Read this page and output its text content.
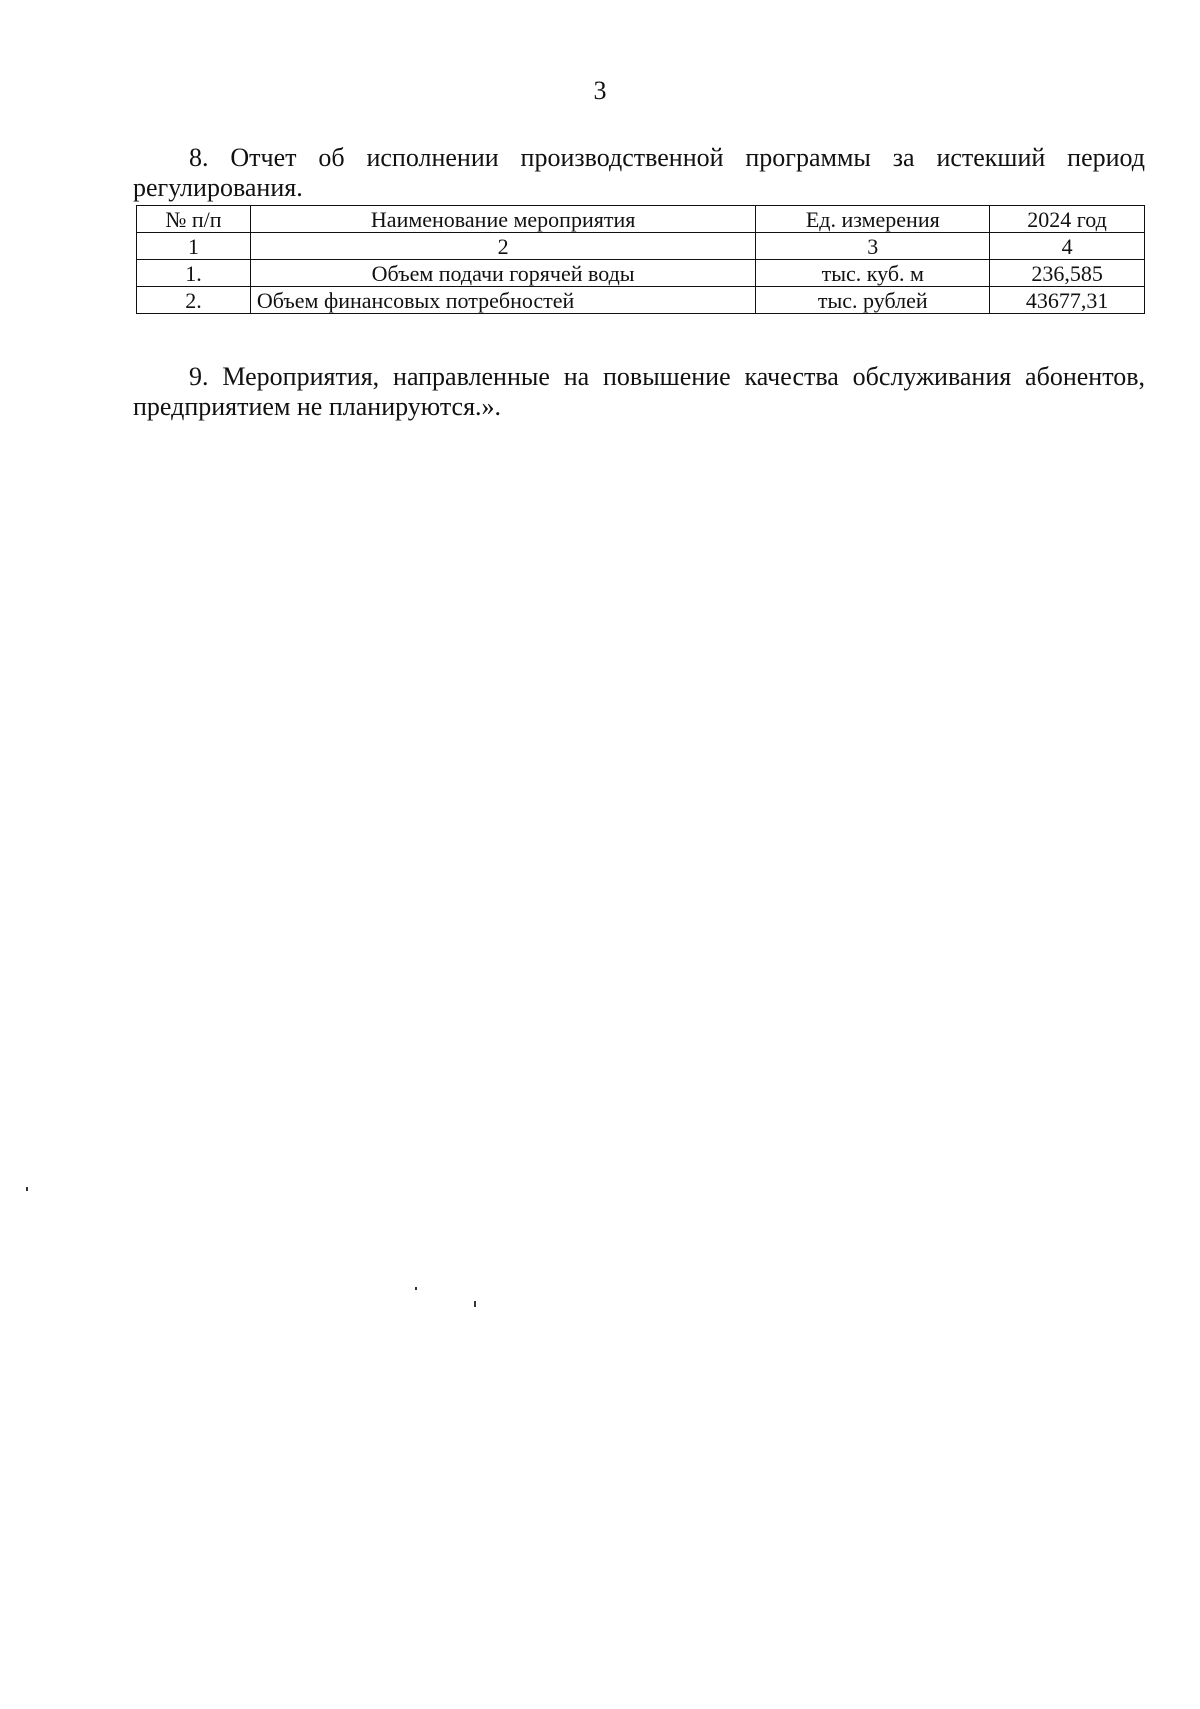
3
8. Отчет об исполнении производственной программы за истекший период регулирования.
№ п/п	Наименование мероприятия	Ед. измерения	2024 год
1	2	3	4
1.	Объем подачи горячей воды	тыс. куб. м	236,585
2.	Объем финансовых потребностей	тыс. рублей	43677,31
9. Мероприятия, направленные на повышение качества обслуживания абонентов, предприятием не планируются.».
